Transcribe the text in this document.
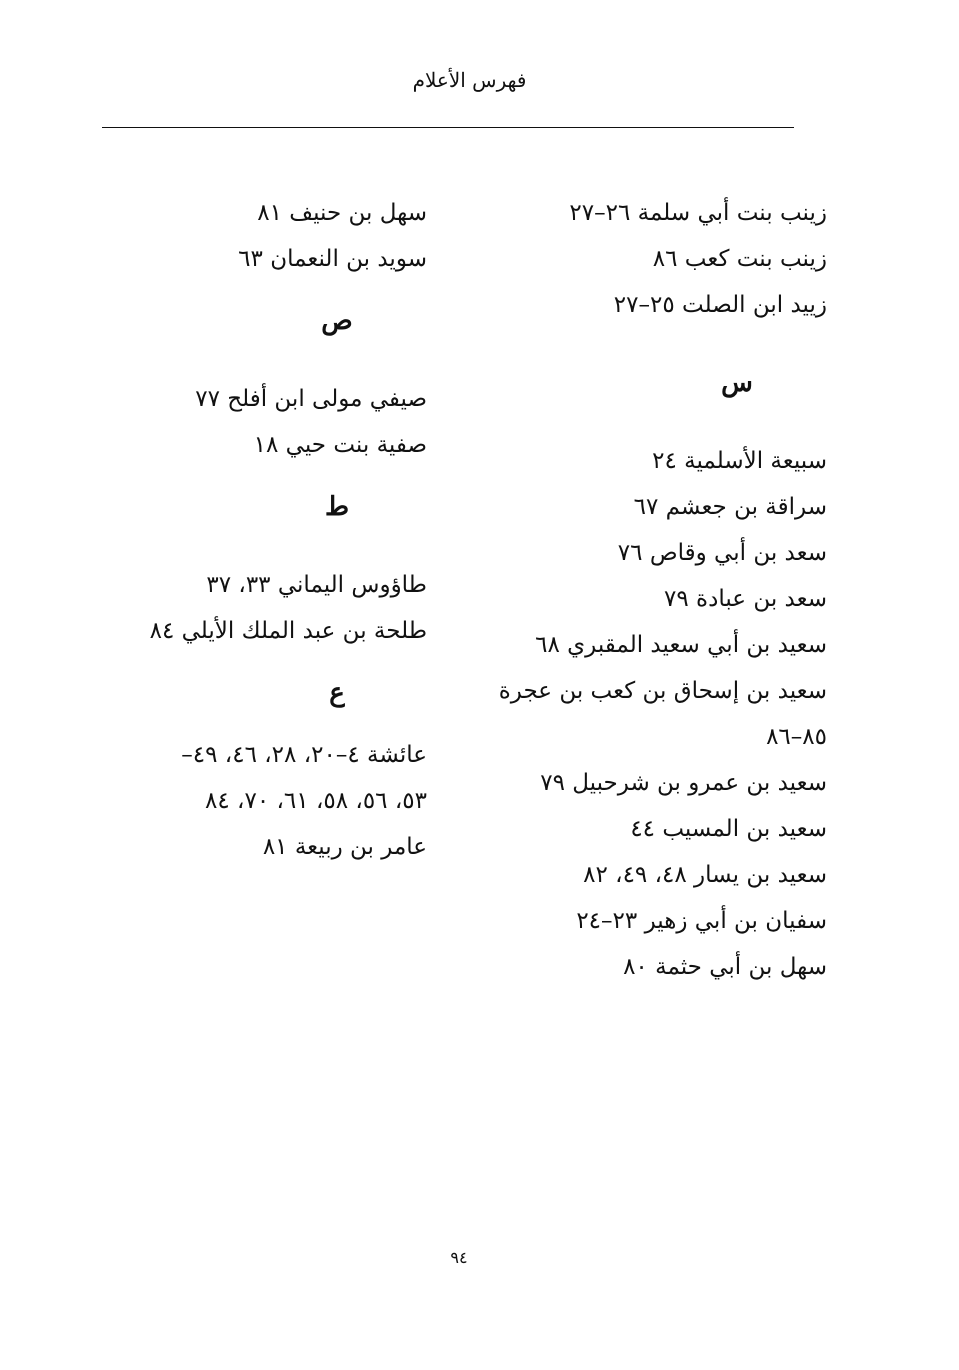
فهرس الأعلام
زينب بنت أبي سلمة ٢٦–٢٧
زينب بنت كعب ٨٦
زييد ابن الصلت ٢٥–٢٧
س
سبيعة الأسلمية ٢٤
سراقة بن جعشم ٦٧
سعد بن أبي وقاص ٧٦
سعد بن عبادة ٧٩
سعيد بن أبي سعيد المقبري ٦٨
سعيد بن إسحاق بن كعب بن عجرة
٨٥–٨٦
سعيد بن عمرو بن شرحبيل ٧٩
سعيد بن المسيب ٤٤
سعيد بن يسار ٤٨، ٤٩، ٨٢
سفيان بن أبي زهير ٢٣–٢٤
سهل بن أبي حثمة ٨٠
سهل بن حنيف ٨١
سويد بن النعمان ٦٣
ص
صيفي مولى ابن أفلح ٧٧
صفية بنت حيي ١٨
ط
طاؤوس اليماني ٣٣، ٣٧
طلحة بن عبد الملك الأيلي ٨٤
ع
عائشة ٤–٢٠، ٢٨، ٤٦، ٤٩–
٥٣، ٥٦، ٥٨، ٦١، ٧٠، ٨٤
عامر بن ربيعة ٨١
٩٤
